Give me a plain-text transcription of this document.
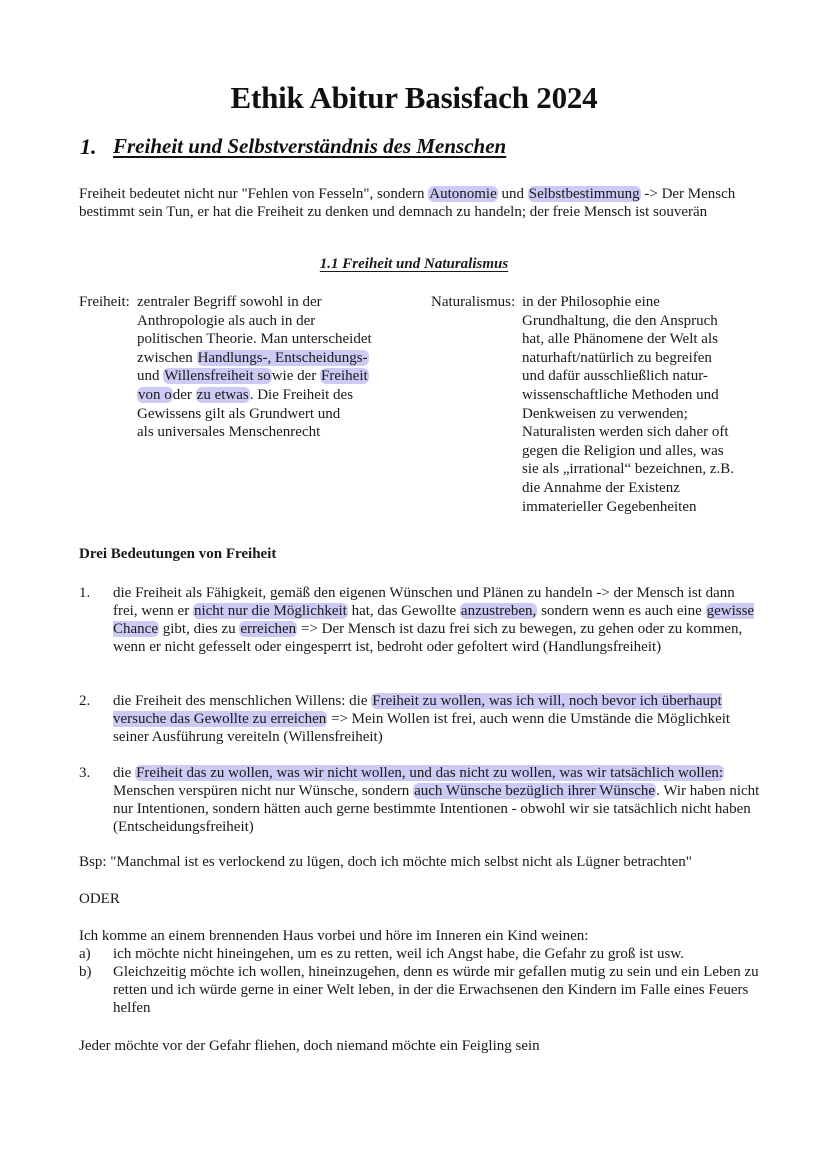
Ethik Abitur Basisfach 2024
1. Freiheit und Selbstverständnis des Menschen
Freiheit bedeutet nicht nur "Fehlen von Fesseln", sondern Autonomie und Selbstbestimmung -> Der Mensch bestimmt sein Tun, er hat die Freiheit zu denken und demnach zu handeln; der freie Mensch ist souverän
1.1 Freiheit und Naturalismus
Freiheit: zentraler Begriff sowohl in der
Anthropologie als auch in der
politischen Theorie. Man unterscheidet
zwischen Handlungs-, Entscheidungs-
und Willensfreiheit sowie der Freiheit
von oder zu etwas. Die Freiheit des
Gewissens gilt als Grundwert und
als universales Menschenrecht
Naturalismus: in der Philosophie eine
Grundhaltung, die den Anspruch
hat, alle Phänomene der Welt als
naturhaft/natürlich zu begreifen
und dafür ausschließlich natur-
wissenschaftliche Methoden und
Denkweisen zu verwenden;
Naturalisten werden sich daher oft
gegen die Religion und alles, was
sie als „irrational“ bezeichnen, z.B.
die Annahme der Existenz
immaterieller Gegebenheiten
Drei Bedeutungen von Freiheit
1. die Freiheit als Fähigkeit, gemäß den eigenen Wünschen und Plänen zu handeln -> der Mensch ist dann frei, wenn er nicht nur die Möglichkeit hat, das Gewollte anzustreben, sondern wenn es auch eine gewisse Chance gibt, dies zu erreichen => Der Mensch ist dazu frei sich zu bewegen, zu gehen oder zu kommen, wenn er nicht gefesselt oder eingesperrt ist, bedroht oder gefoltert wird (Handlungsfreiheit)
2. die Freiheit des menschlichen Willens: die Freiheit zu wollen, was ich will, noch bevor ich überhaupt versuche das Gewollte zu erreichen => Mein Wollen ist frei, auch wenn die Umstände die Möglichkeit seiner Ausführung vereiteln (Willensfreiheit)
3. die Freiheit das zu wollen, was wir nicht wollen, und das nicht zu wollen, was wir tatsächlich wollen: Menschen verspüren nicht nur Wünsche, sondern auch Wünsche bezüglich ihrer Wünsche. Wir haben nicht nur Intentionen, sondern hätten auch gerne bestimmte Intentionen - obwohl wir sie tatsächlich nicht haben (Entscheidungsfreiheit)
Bsp: "Manchmal ist es verlockend zu lügen, doch ich möchte mich selbst nicht als Lügner betrachten"
ODER
Ich komme an einem brennenden Haus vorbei und höre im Inneren ein Kind weinen:
a) ich möchte nicht hineingehen, um es zu retten, weil ich Angst habe, die Gefahr zu groß ist usw.
b) Gleichzeitig möchte ich wollen, hineinzugehen, denn es würde mir gefallen mutig zu sein und ein Leben zu retten und ich würde gerne in einer Welt leben, in der die Erwachsenen den Kindern im Falle eines Feuers helfen
Jeder möchte vor der Gefahr fliehen, doch niemand möchte ein Feigling sein
